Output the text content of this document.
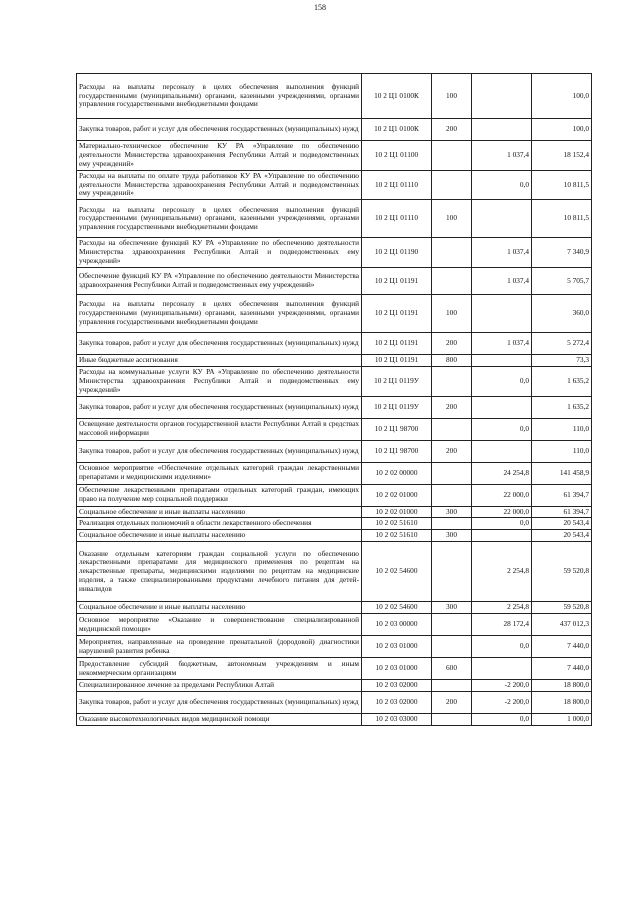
158
Расходы на выплаты персоналу в целях обеспечения выполнения функций государственными (муниципальными) органами, казенными учреждениями, органами управления государственными внебюджетными фондами	10 2 Ц1 0100К	100		100,0
Закупка товаров, работ и услуг для обеспечения государственных (муниципальных) нужд	10 2 Ц1 0100К	200		100,0
Материально-техническое обеспечение КУ РА «Управление по обеспечению деятельности Министерства здравоохранения Республики Алтай и подведомственных ему учреждений»	10 2 Ц1 01100		1 037,4	18 152,4
Расходы на выплаты по оплате труда работников КУ РА «Управление по обеспечению деятельности Министерства здравоохранения Республики Алтай и подведомственных ему учреждений»	10 2 Ц1 01110		0,0	10 811,5
Расходы на выплаты персоналу в целях обеспечения выполнения функций государственными (муниципальными) органами, казенными учреждениями, органами управления государственными внебюджетными фондами	10 2 Ц1 01110	100		10 811,5
Расходы на обеспечение функций КУ РА «Управление по обеспечению деятельности Министерства здравоохранения Республики Алтай и подведомственных ему учреждений»	10 2 Ц1 01190		1 037,4	7 340,9
Обеспечение функций КУ РА «Управление по обеспечению деятельности Министерства здравоохранения Республики Алтай и подведомственных ему учреждений»	10 2 Ц1 01191		1 037,4	5 705,7
Расходы на выплаты персоналу в целях обеспечения выполнения функций государственными (муниципальными) органами, казенными учреждениями, органами управления государственными внебюджетными фондами	10 2 Ц1 01191	100		360,0
Закупка товаров, работ и услуг для обеспечения государственных (муниципальных) нужд	10 2 Ц1 01191	200	1 037,4	5 272,4
Иные бюджетные ассигнования	10 2 Ц1 01191	800		73,3
Расходы на коммунальные услуги КУ РА «Управление по обеспечению деятельности Министерства здравоохранения Республики Алтай и подведомственных ему учреждений»	10 2 Ц1 0119У		0,0	1 635,2
Закупка товаров, работ и услуг для обеспечения государственных (муниципальных) нужд	10 2 Ц1 0119У	200		1 635,2
Освещение деятельности органов государственной власти Республики Алтай в средствах массовой информации	10 2 Ц1 98700		0,0	110,0
Закупка товаров, работ и услуг для обеспечения государственных (муниципальных) нужд	10 2 Ц1 98700	200		110,0
Основное мероприятие «Обеспечение отдельных категорий граждан лекарственными препаратами и медицинскими изделиями»	10 2 02 00000		24 254,8	141 458,9
Обеспечение лекарственными препаратами отдельных категорий граждан, имеющих право на получение мер социальной поддержки	10 2 02 01000		22 000,0	61 394,7
Социальное обеспечение и иные выплаты населению	10 2 02 01000	300	22 000,0	61 394,7
Реализация отдельных полномочий в области лекарственного обеспечения	10 2 02 51610		0,0	20 543,4
Социальное обеспечение и иные выплаты населению	10 2 02 51610	300		20 543,4
Оказание отдельным категориям граждан социальной услуги по обеспечению лекарственными препаратами для медицинского применения по рецептам на лекарственные препараты, медицинскими изделиями по рецептам на медицинские изделия, а также специализированными продуктами лечебного питания для детей-инвалидов	10 2 02 54600		2 254,8	59 520,8
Социальное обеспечение и иные выплаты населению	10 2 02 54600	300	2 254,8	59 520,8
Основное мероприятие «Оказание и совершенствование специализированной медицинской помощи»	10 2 03 00000		28 172,4	437 012,3
Мероприятия, направленные на проведение пренатальной (дородовой) диагностики нарушений развития ребенка	10 2 03 01000		0,0	7 440,0
Предоставление субсидий бюджетным, автономным учреждениям и иным некоммерческим организациям	10 2 03 01000	600		7 440,0
Специализированное лечение за пределами Республики Алтай	10 2 03 02000		-2 200,0	18 800,0
Закупка товаров, работ и услуг для обеспечения государственных (муниципальных) нужд	10 2 03 02000	200	-2 200,0	18 800,0
Оказание высокотехнологичных видов медицинской помощи	10 2 03 03000		0,0	1 000,0
